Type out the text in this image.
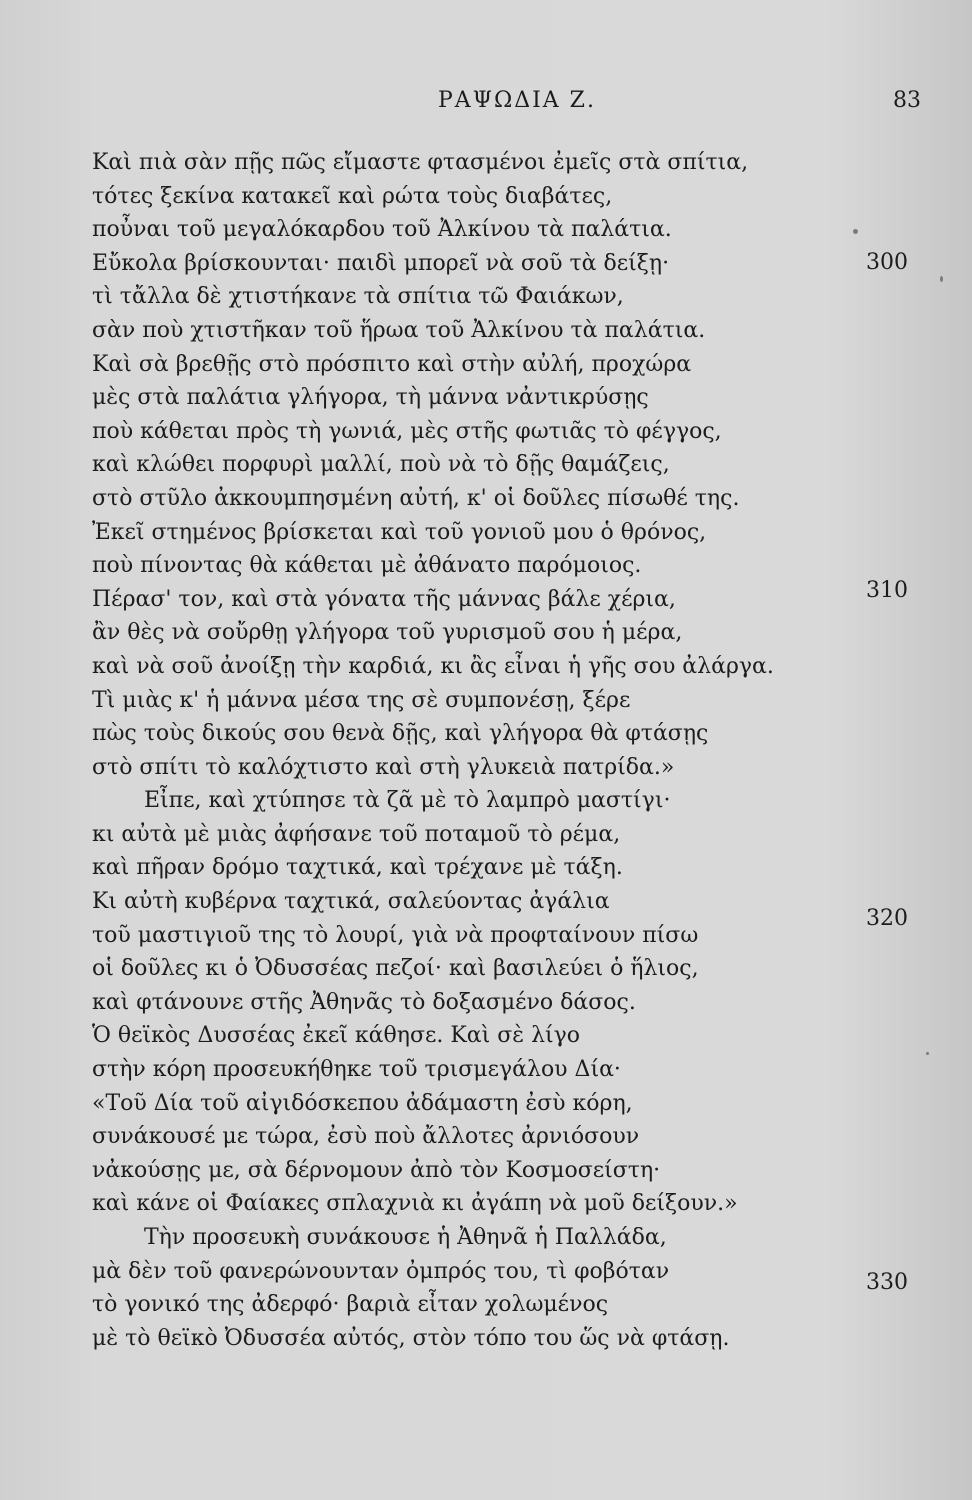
ΡΑΨΩΔΙΑ Ζ.	83
Καὶ πιὰ σὰν πῇς πῶς εἴμαστε φτασμένοι ἐμεῖς στὰ σπίτια,
τότες ξεκίνα κατακεῖ καὶ ρώτα τοὺς διαβάτες,
ποὖναι τοῦ μεγαλόκαρδου τοῦ Ἀλκίνου τὰ παλάτια.
Εὔκολα βρίσκουνται· παιδὶ μπορεῖ νὰ σοῦ τὰ δείξῃ·
τὶ τἄλλα δὲ χτιστήκανε τὰ σπίτια τῶ Φαιάκων,
σὰν ποὺ χτιστῆκαν τοῦ ἥρωα τοῦ Ἀλκίνου τὰ παλάτια.
Καὶ σὰ βρεθῇς στὸ πρόσπιτο καὶ στὴν αὐλή, προχώρα
μὲς στὰ παλάτια γλήγορα, τὴ μάννα νἀντικρύσῃς
ποὺ κάθεται πρὸς τὴ γωνιά, μὲς στῆς φωτιᾶς τὸ φέγγος,
καὶ κλώθει πορφυρὶ μαλλί, ποὺ νὰ τὸ δῇς θαμάζεις,
στὸ στῦλο ἀκκουμπησμένη αὐτή, κ' οἱ δοῦλες πίσωθέ της.
Ἐκεῖ στημένος βρίσκεται καὶ τοῦ γονιοῦ μου ὁ θρόνος,
ποὺ πίνοντας θὰ κάθεται μὲ ἀθάνατο παρόμοιος.
Πέρασ' τον, καὶ στὰ γόνατα τῆς μάννας βάλε χέρια,
ἂν θὲς νὰ σοὔρθῃ γλήγορα τοῦ γυρισμοῦ σου ἡ μέρα,
καὶ νὰ σοῦ ἀνοίξῃ τὴν καρδιά, κι ἂς εἶναι ἡ γῆς σου ἀλάργα.
Τὶ μιὰς κ' ἡ μάννα μέσα της σὲ συμπονέσῃ, ξέρε
πὼς τοὺς δικούς σου θενὰ δῇς, καὶ γλήγορα θὰ φτάσῃς
στὸ σπίτι τὸ καλόχτιστο καὶ στὴ γλυκειὰ πατρίδα.»
Εἶπε, καὶ χτύπησε τὰ ζᾶ μὲ τὸ λαμπρὸ μαστίγι·
κι αὐτὰ μὲ μιὰς ἀφήσανε τοῦ ποταμοῦ τὸ ρέμα,
καὶ πῆραν δρόμο ταχτικά, καὶ τρέχανε μὲ τάξη.
Κι αὐτὴ κυβέρνα ταχτικά, σαλεύοντας ἀγάλια
τοῦ μαστιγιοῦ της τὸ λουρί, γιὰ νὰ προφταίνουν πίσω
οἱ δοῦλες κι ὁ Ὀδυσσέας πεζοί· καὶ βασιλεύει ὁ ἥλιος,
καὶ φτάνουνε στῆς Ἀθηνᾶς τὸ δοξασμένο δάσος.
Ὁ θεϊκὸς Δυσσέας ἐκεῖ κάθησε. Καὶ σὲ λίγο
στὴν κόρη προσευκήθηκε τοῦ τρισμεγάλου Δία·
«Τοῦ Δία τοῦ αἰγιδόσκεπου ἀδάμαστη ἐσὺ κόρη,
συνάκουσέ με τώρα, ἐσὺ ποὺ ἄλλοτες ἀρνιόσουν
νἀκούσῃς με, σὰ δέρνομουν ἀπὸ τὸν Κοσμοσείστη·
καὶ κάνε οἱ Φαίακες σπλαχνιὰ κι ἀγάπη νὰ μοῦ δείξουν.»
Τὴν προσευκὴ συνάκουσε ἡ Ἀθηνᾶ ἡ Παλλάδα,
μὰ δὲν τοῦ φανερώνουνταν ὀμπρός του, τὶ φοβόταν
τὸ γονικό της ἀδερφό· βαριὰ εἶταν χολωμένος
μὲ τὸ θεϊκὸ Ὀδυσσέα αὐτός, στὸν τόπο του ὥς νὰ φτάσῃ.
300
310
320
330
